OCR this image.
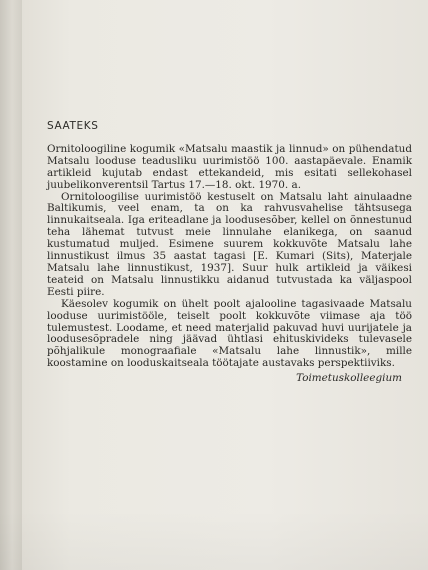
SAATEKS

Ornitoloogiline kogumik «Matsalu maastik ja linnud» on pühendatud Matsalu looduse teadusliku uurimistöö 100. aastapäevale. Enamik artikleid kujutab endast ettekandeid, mis esitati sellekohasel juubelikonverentsil Tartus 17.—18. okt. 1970. a.

Ornitoloogilise uurimistöö kestuselt on Matsalu laht ainulaadne Baltikumis, veel enam, ta on ka rahvusvahelise tähtsusega linnukaitseala. Iga eriteadlane ja loodusesõber, kellel on õnnestunud teha lähemat tutvust meie linnulahe elanikega, on saanud kustumatud muljed. Esimene suurem kokkuvõte Matsalu lahe linnustikust ilmus 35 aastat tagasi [E. Kumari (Sits), Materjale Matsalu lahe linnustikust, 1937]. Suur hulk artikleid ja väikesi teateid on Matsalu linnustikku aidanud tutvustada ka väljaspool Eesti piire.

Käesolev kogumik on ühelt poolt ajalooline tagasivaade Matsalu looduse uurimistööle, teiselt poolt kokkuvõte viimase aja töö tulemustest. Loodame, et need materjalid pakuvad huvi uurijatele ja loodusesõpradele ning jäävad ühtlasi ehituskivideks tulevasele põhjalikule monograafiale «Matsalu lahe linnustik», mille koostamine on looduskaitseala töötajate austavaks perspektiiviks.

Toimetuskolleegium
